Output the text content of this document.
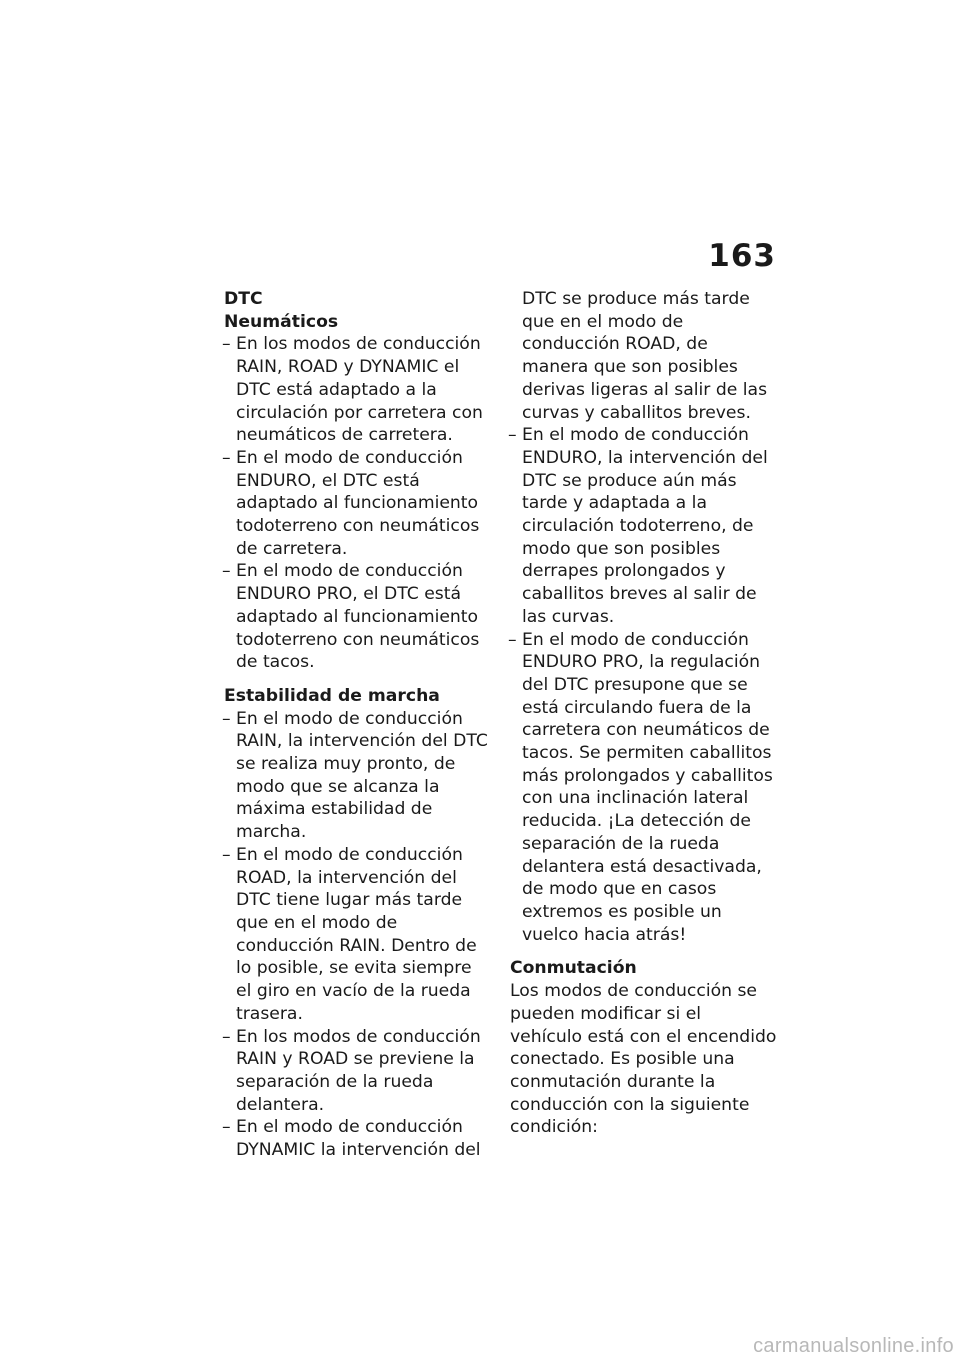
163

DTC

Neumáticos

– En los modos de conducción RAIN, ROAD y DYNAMIC el DTC está adaptado a la circulación por carretera con neumáticos de carretera.
– En el modo de conducción ENDURO, el DTC está adaptado al funcionamiento todoterreno con neumáticos de carretera.
– En el modo de conducción ENDURO PRO, el DTC está adaptado al funcionamiento todoterreno con neumáticos de tacos.

Estabilidad de marcha

– En el modo de conducción RAIN, la intervención del DTC se realiza muy pronto, de modo que se alcanza la máxima estabilidad de marcha.
– En el modo de conducción ROAD, la intervención del DTC tiene lugar más tarde que en el modo de conducción RAIN. Dentro de lo posible, se evita siempre el giro en vacío de la rueda trasera.
– En los modos de conducción RAIN y ROAD se previene la separación de la rueda delantera.
– En el modo de conducción DYNAMIC la intervención del
DTC se produce más tarde que en el modo de conducción ROAD, de manera que son posibles derivas ligeras al salir de las curvas y caballitos breves.
– En el modo de conducción ENDURO, la intervención del DTC se produce aún más tarde y adaptada a la circulación todoterreno, de modo que son posibles derrapes prolongados y caballitos breves al salir de las curvas.
– En el modo de conducción ENDURO PRO, la regulación del DTC presupone que se está circulando fuera de la carretera con neumáticos de tacos. Se permiten caballitos más prolongados y caballitos con una inclinación lateral reducida. ¡La detección de separación de la rueda delantera está desactivada, de modo que en casos extremos es posible un vuelco hacia atrás!

Conmutación

Los modos de conducción se pueden modificar si el vehículo está con el encendido conectado. Es posible una conmutación durante la conducción con la siguiente condición:

carmanualsonline.info
